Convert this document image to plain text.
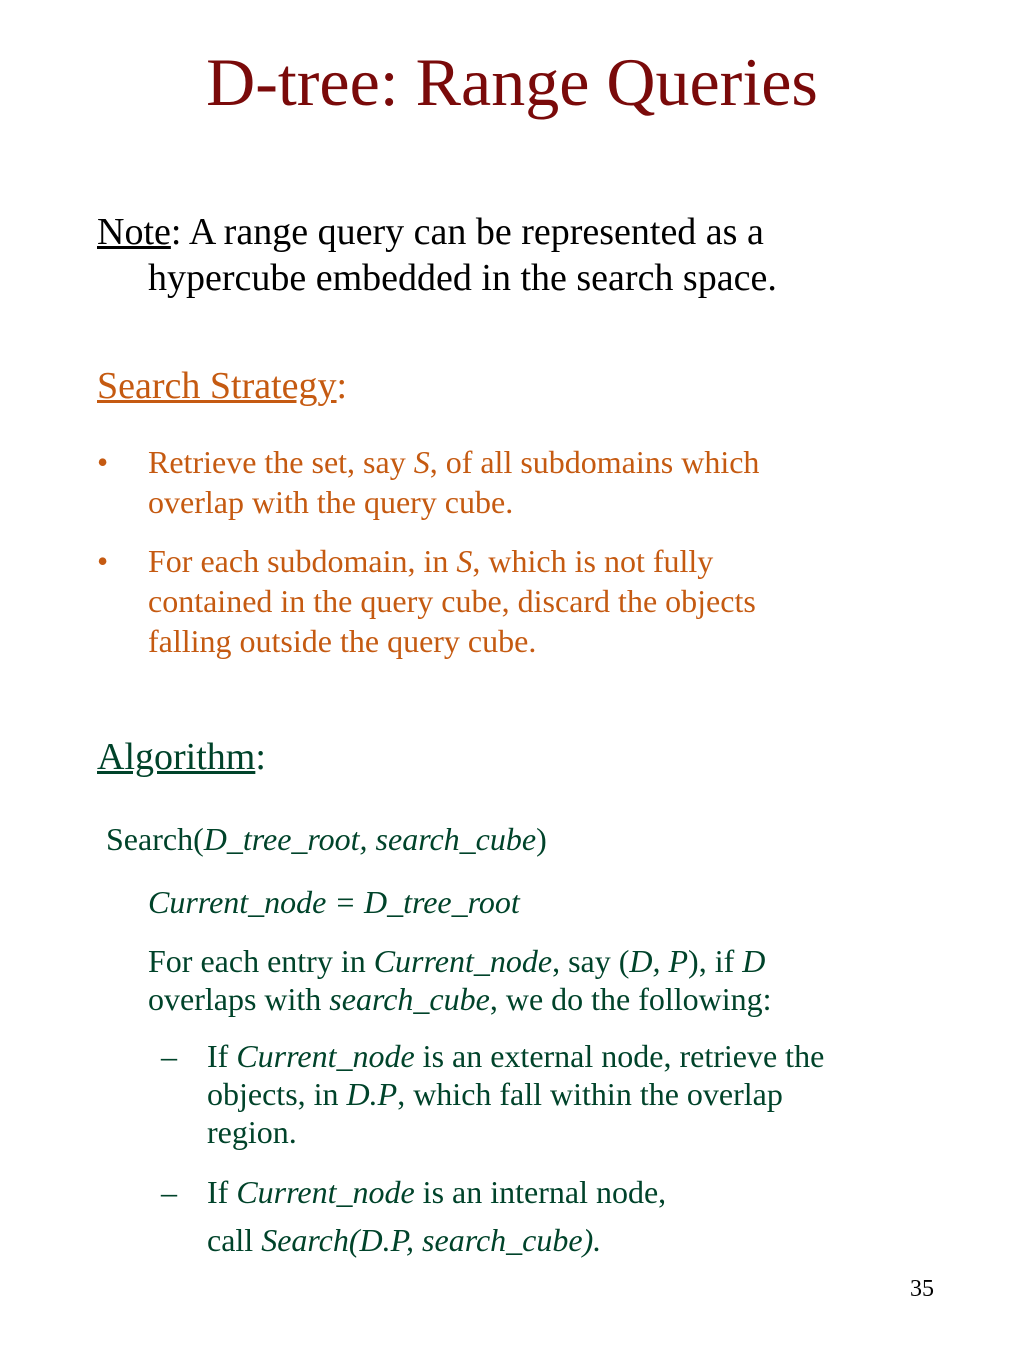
D-tree: Range Queries
Note: A range query can be represented as a
hypercube embedded in the search space.
Search Strategy:
• Retrieve the set, say S, of all subdomains which
overlap with the query cube.
• For each subdomain, in S, which is not fully
contained in the query cube, discard the objects
falling outside the query cube.
Algorithm:
Search(D_tree_root, search_cube)
Current_node = D_tree_root
For each entry in Current_node, say (D, P), if D
overlaps with search_cube, we do the following:
– If Current_node is an external node, retrieve the
objects, in D.P, which fall within the overlap
region.
– If Current_node is an internal node,
call Search(D.P, search_cube).
35
